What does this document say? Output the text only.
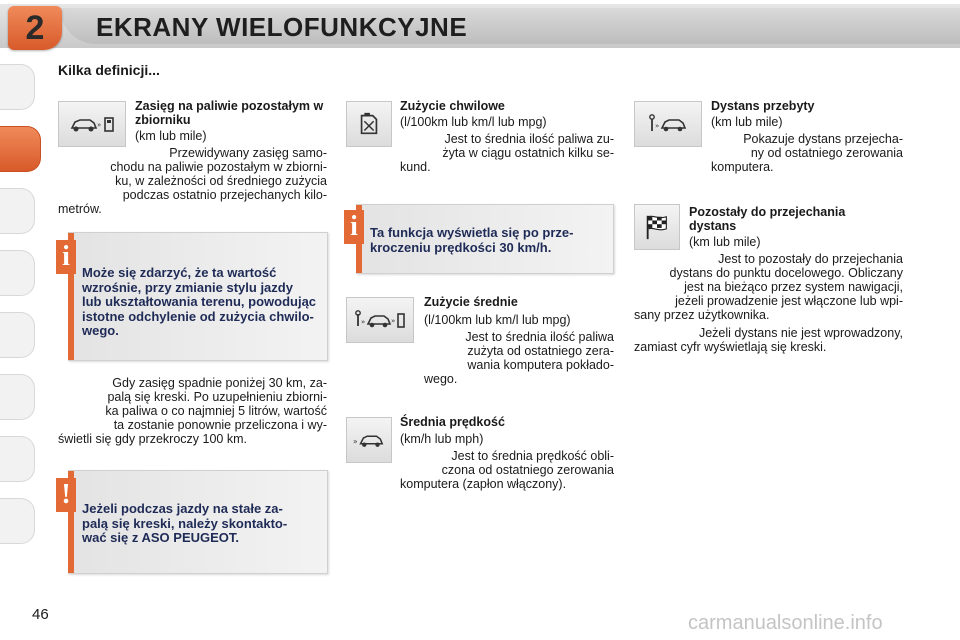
2	EKRANY WIELOFUNKCYJNE
Kilka definicji...
»
Zasięg na paliwie pozostałym w zbiorniku
(km lub mile)
Przewidywany zasięg samo-
chodu na paliwie pozostałym w zbiorni-
ku, w zależności od średniego zużycia
podczas ostatnio przejechanych kilo-
metrów.
Może się zdarzyć, że ta wartość
wzrośnie, przy zmianie stylu jazdy
lub ukształtowania terenu, powodując
istotne odchylenie od zużycia chwilo-
wego.
i
Gdy zasięg spadnie poniżej 30 km, za-
palą się kreski. Po uzupełnieniu zbiorni-
ka paliwa o co najmniej 5 litrów, wartość
ta zostanie ponownie przeliczona i wy-
świetli się gdy przekroczy 100 km.
Jeżeli podczas jazdy na stałe za-
palą się kreski, należy skontakto-
wać się z ASO PEUGEOT.
!
Zużycie chwilowe
(l/100km lub km/l lub mpg)
Jest to średnia ilość paliwa zu-
żyta w ciągu ostatnich kilku se-
kund.
Ta funkcja wyświetla się po prze-
kroczeniu prędkości 30 km/h.
i
»	»
Zużycie średnie
(l/100km lub km/l lub mpg)
Jest to średnia ilość paliwa
zużyta od ostatniego zera-
wania komputera pokłado-
wego.
»
Średnia prędkość
(km/h lub mph)
Jest to średnia prędkość obli-
czona od ostatniego zerowania
komputera (zapłon włączony).
»
Dystans przebyty
(km lub mile)
Pokazuje dystans przejecha-
ny od ostatniego zerowania
komputera.
Pozostały do przejechania
dystans
(km lub mile)
Jest to pozostały do przejechania
dystans do punktu docelowego. Obliczany
jest na bieżąco przez system nawigacji,
jeżeli prowadzenie jest włączone lub wpi-
sany przez użytkownika.
Jeżeli dystans nie jest wprowadzony,
zamiast cyfr wyświetlają się kreski.
46	carmanualsonline.info
